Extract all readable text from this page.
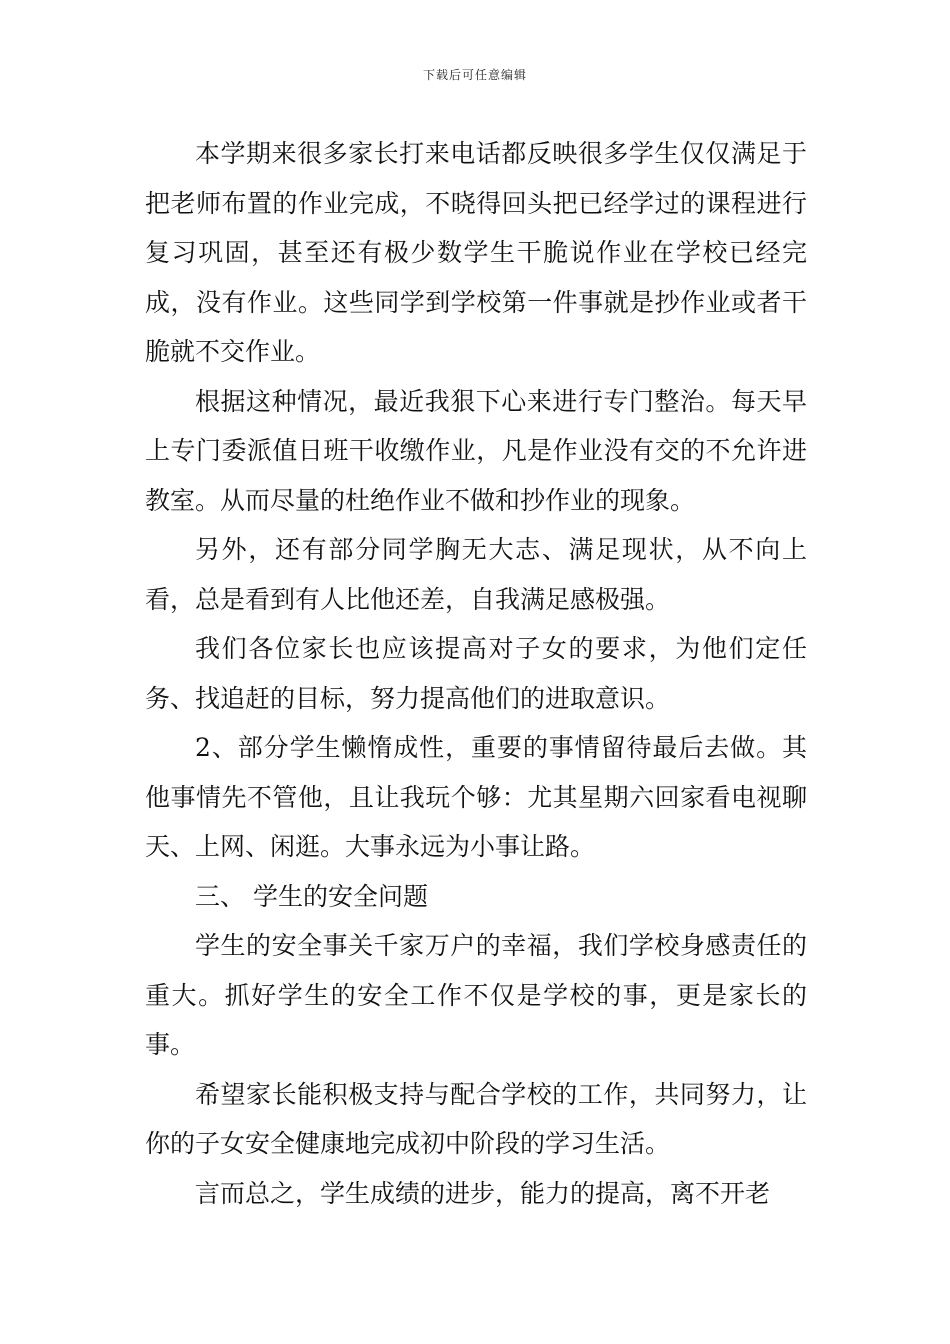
下载后可任意编辑

本学期来很多家长打来电话都反映很多学生仅仅满足于把老师布置的作业完成，不晓得回头把已经学过的课程进行复习巩固，甚至还有极少数学生干脆说作业在学校已经完成，没有作业。这些同学到学校第一件事就是抄作业或者干脆就不交作业。

根据这种情况，最近我狠下心来进行专门整治。每天早上专门委派值日班干收缴作业，凡是作业没有交的不允许进教室。从而尽量的杜绝作业不做和抄作业的现象。

另外，还有部分同学胸无大志、满足现状，从不向上看，总是看到有人比他还差，自我满足感极强。

我们各位家长也应该提高对子女的要求，为他们定任务、找追赶的目标，努力提高他们的进取意识。

2、部分学生懒惰成性，重要的事情留待最后去做。其他事情先不管他，且让我玩个够：尤其星期六回家看电视聊天、上网、闲逛。大事永远为小事让路。

三、 学生的安全问题

学生的安全事关千家万户的幸福，我们学校身感责任的重大。抓好学生的安全工作不仅是学校的事，更是家长的事。

希望家长能积极支持与配合学校的工作，共同努力，让你的子女安全健康地完成初中阶段的学习生活。

言而总之，学生成绩的进步，能力的提高，离不开老
